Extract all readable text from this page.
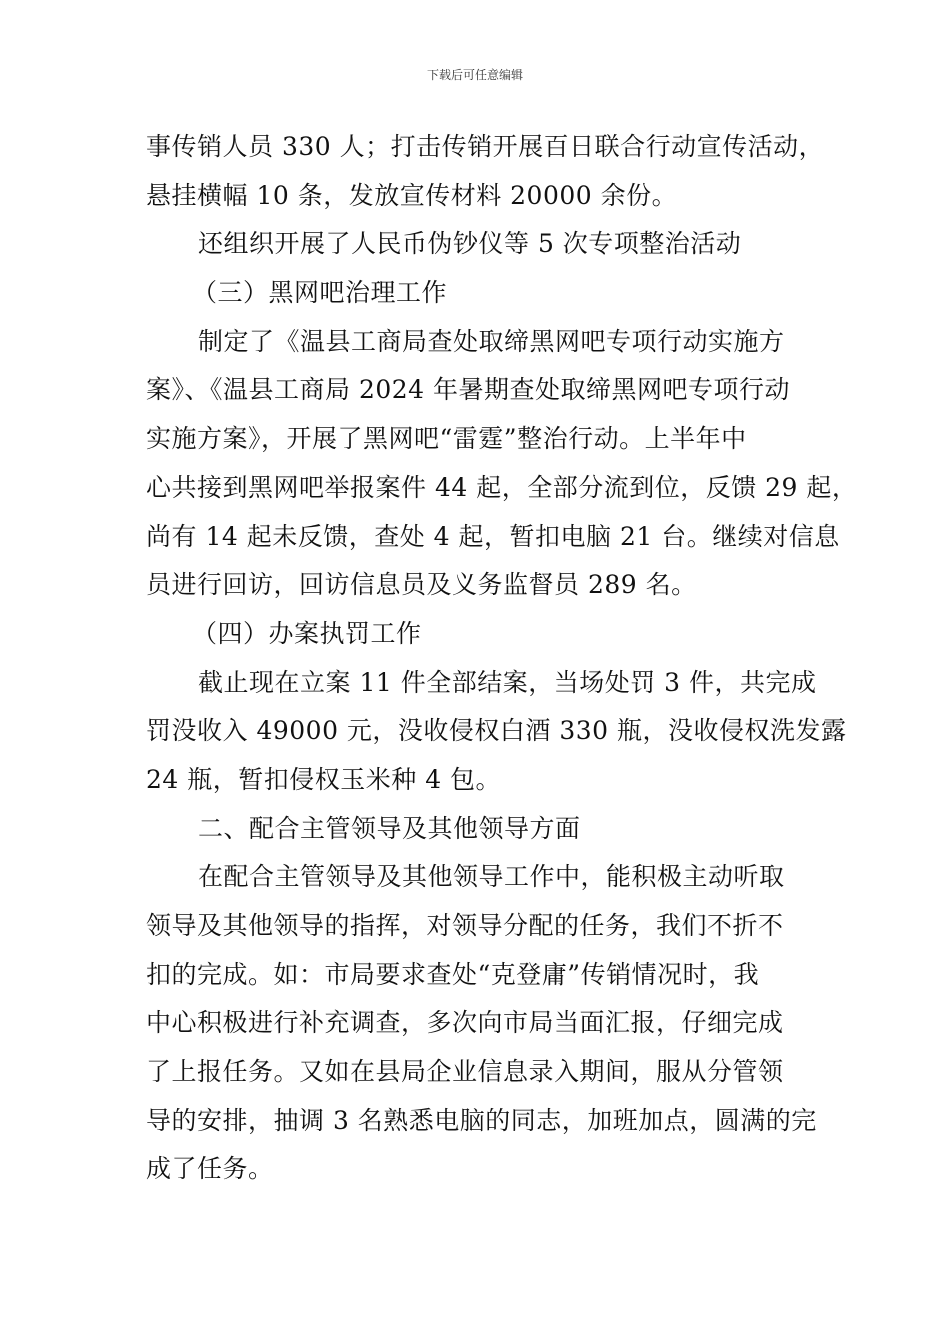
下载后可任意编辑
事传销人员 330 人；打击传销开展百日联合行动宣传活动，
悬挂横幅 10 条，发放宣传材料 20000 余份。
还组织开展了人民币伪钞仪等 5 次专项整治活动
（三）黑网吧治理工作
制定了《温县工商局查处取缔黑网吧专项行动实施方
案》、《温县工商局 2024 年暑期查处取缔黑网吧专项行动
实施方案》，开展了黑网吧“雷霆”整治行动。上半年中
心共接到黑网吧举报案件 44 起，全部分流到位，反馈 29 起，
尚有 14 起未反馈，查处 4 起，暂扣电脑 21 台。继续对信息
员进行回访，回访信息员及义务监督员 289 名。
（四）办案执罚工作
截止现在立案 11 件全部结案，当场处罚 3 件，共完成
罚没收入 49000 元，没收侵权白酒 330 瓶，没收侵权洗发露
24 瓶，暂扣侵权玉米种 4 包。
二、配合主管领导及其他领导方面
在配合主管领导及其他领导工作中，能积极主动听取
领导及其他领导的指挥，对领导分配的任务，我们不折不
扣的完成。如：市局要求查处“克登庸”传销情况时，我
中心积极进行补充调查，多次向市局当面汇报，仔细完成
了上报任务。又如在县局企业信息录入期间，服从分管领
导的安排，抽调 3 名熟悉电脑的同志，加班加点，圆满的完
成了任务。
